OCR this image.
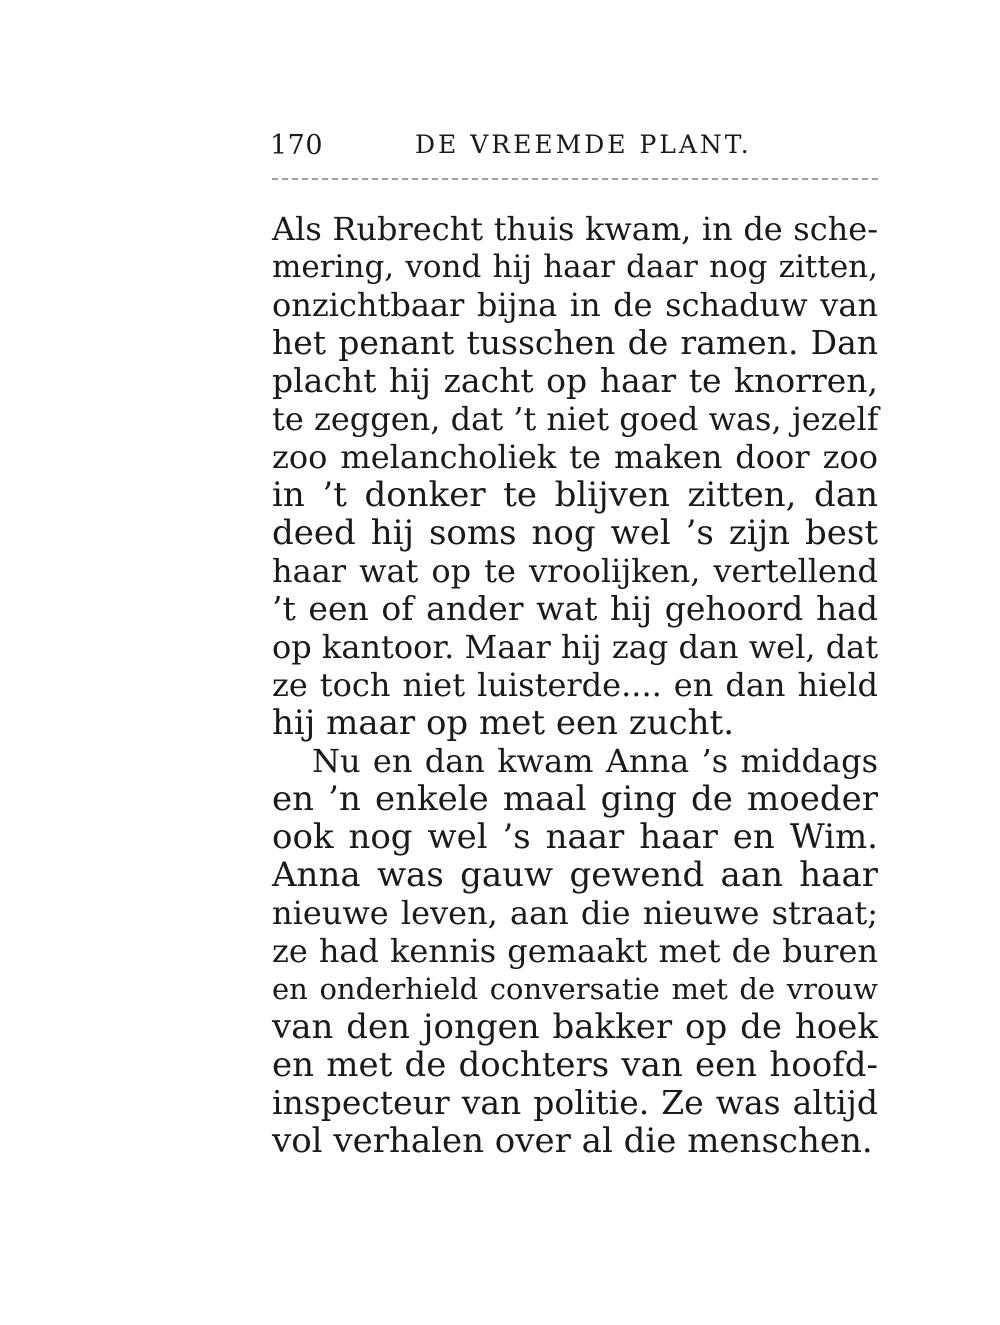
170	DE VREEMDE PLANT.
Als Rubrecht thuis kwam, in de sche-
mering, vond hij haar daar nog zitten,
onzichtbaar bijna in de schaduw van
het penant tusschen de ramen. Dan
placht hij zacht op haar te knorren,
te zeggen, dat ’t niet goed was, jezelf
zoo melancholiek te maken door zoo
in ’t donker te blijven zitten, dan
deed hij soms nog wel ’s zijn best
haar wat op te vroolijken, vertellend
’t een of ander wat hij gehoord had
op kantoor. Maar hij zag dan wel, dat
ze toch niet luisterde.... en dan hield
hij maar op met een zucht.
Nu en dan kwam Anna ’s middags
en ’n enkele maal ging de moeder
ook nog wel ’s naar haar en Wim.
Anna was gauw gewend aan haar
nieuwe leven, aan die nieuwe straat;
ze had kennis gemaakt met de buren
en onderhield conversatie met de vrouw
van den jongen bakker op de hoek
en met de dochters van een hoofd-
inspecteur van politie. Ze was altijd
vol verhalen over al die menschen.
